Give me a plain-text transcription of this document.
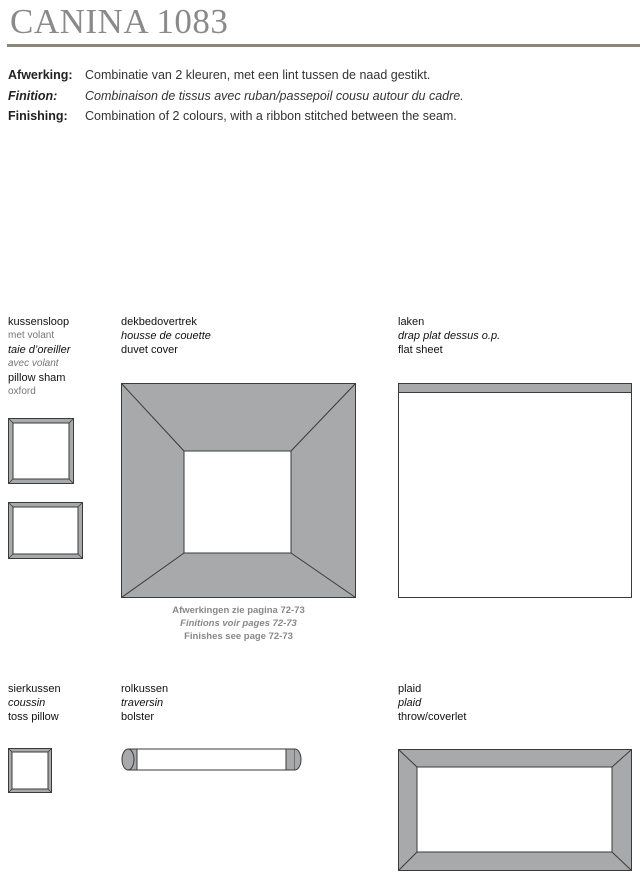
CANINA 1083
Afwerking: Combinatie van 2 kleuren, met een lint tussen de naad gestikt.
Finition: Combinaison de tissus avec ruban/passepoil cousu autour du cadre.
Finishing: Combination of 2 colours, with a ribbon stitched between the seam.
kussensloop
met volant
taie d’oreiller
avec volant
pillow sham
oxford
dekbedovertrek
housse de couette
duvet cover
laken
drap plat dessus o.p.
flat sheet
Afwerkingen zie pagina 72-73
Finitions voir pages 72-73
Finishes see page 72-73
sierkussen
coussin
toss pillow
rolkussen
traversin
bolster
plaid
plaid
throw/coverlet
